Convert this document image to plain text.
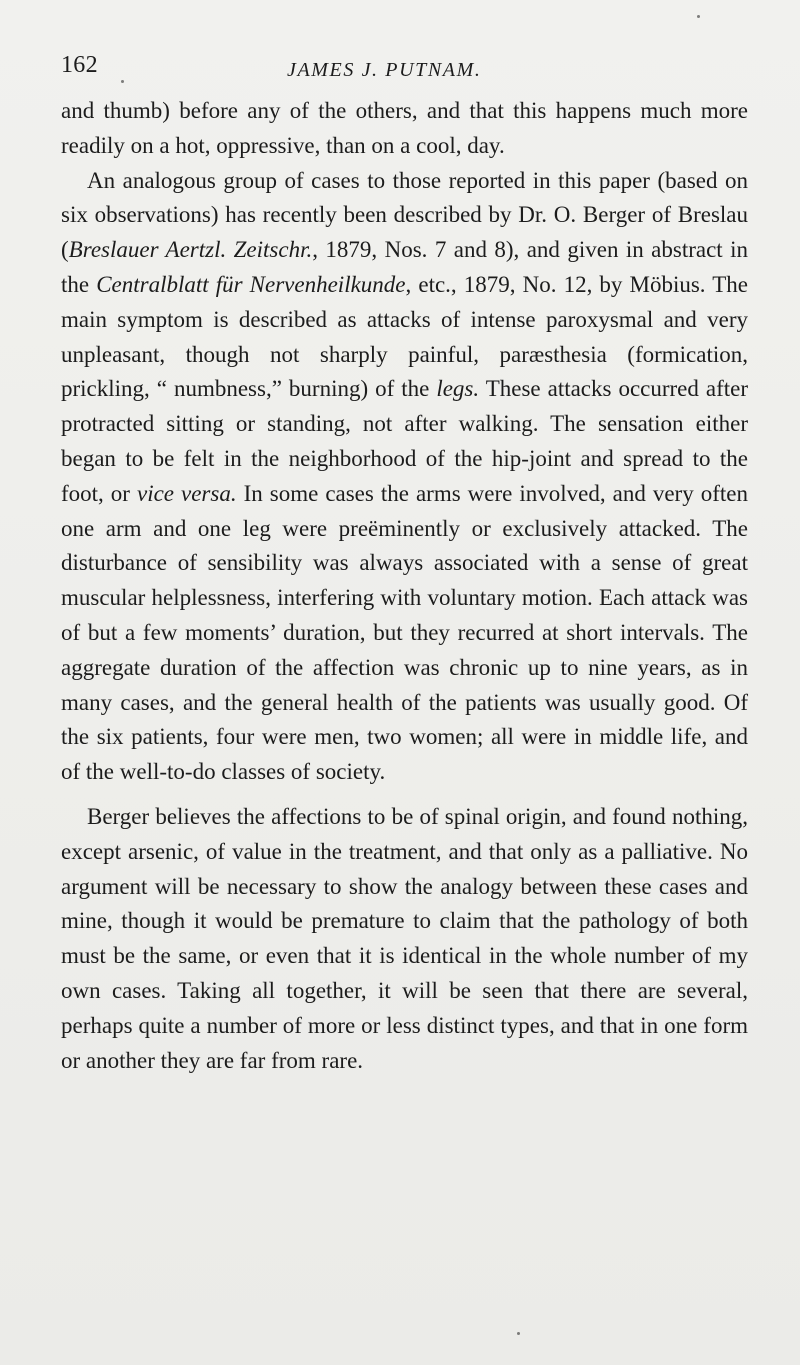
162	JAMES J. PUTNAM.

and thumb) before any of the others, and that this happens much more readily on a hot, oppressive, than on a cool, day.

An analogous group of cases to those reported in this paper (based on six observations) has recently been described by Dr. O. Berger of Breslau (Breslauer Aertzl. Zeitschr., 1879, Nos. 7 and 8), and given in abstract in the Centralblatt für Nervenheilkunde, etc., 1879, No. 12, by Möbius. The main symptom is described as attacks of intense paroxysmal and very unpleasant, though not sharply painful, paræsthesia (formication, prickling, “ numbness,” burning) of the legs. These attacks occurred after protracted sitting or standing, not after walking. The sensation either began to be felt in the neighborhood of the hip-joint and spread to the foot, or vice versa. In some cases the arms were involved, and very often one arm and one leg were preëminently or exclusively attacked. The disturbance of sensibility was always associated with a sense of great muscular helplessness, interfering with voluntary motion. Each attack was of but a few moments’ duration, but they recurred at short intervals. The aggregate duration of the affection was chronic up to nine years, as in many cases, and the general health of the patients was usually good. Of the six patients, four were men, two women; all were in middle life, and of the well-to-do classes of society.

Berger believes the affections to be of spinal origin, and found nothing, except arsenic, of value in the treatment, and that only as a palliative. No argument will be necessary to show the analogy between these cases and mine, though it would be premature to claim that the pathology of both must be the same, or even that it is identical in the whole number of my own cases. Taking all together, it will be seen that there are several, perhaps quite a number of more or less distinct types, and that in one form or another they are far from rare.
